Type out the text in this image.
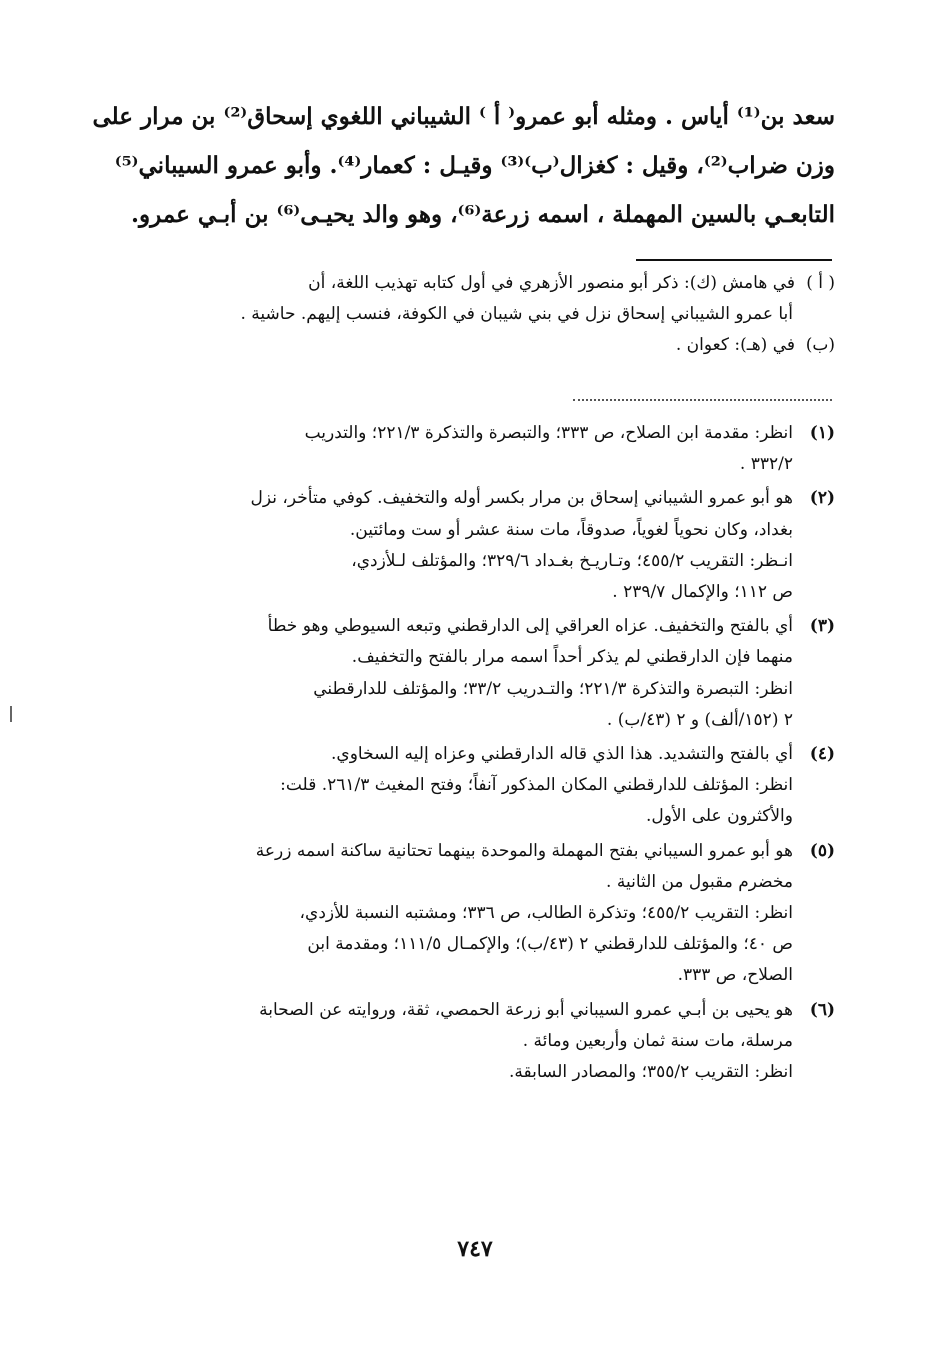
سعد بن⁽¹⁾ أياس . ومثله أبو عمرو⁽ أ ⁾ الشيباني اللغوي إسحاق⁽²⁾ بن مرار على
وزن ضراب⁽²⁾، وقيل : كغزال⁽ب⁾⁽³⁾ وقيـل : كعمار⁽⁴⁾. وأبو عمرو السيباني⁽⁵⁾
التابعـي بالسين المهملة ، اسمه زرعة⁽⁶⁾، وهو والد يحيـى⁽⁶⁾ بن أبـي عمرو.
( أ )في هامش (ك): ذكر أبو منصور الأزهري في أول كتابه تهذيب اللغة، أن
أبا عمرو الشيباني إسحاق نزل في بني شيبان في الكوفة، فنسب إليهم. حاشية .
(ب)في (هـ): كعوان .
(١)انظر: مقدمة ابن الصلاح، ص ٣٣٣؛ والتبصرة والتذكرة ٢٢١/٣؛ والتدريب
٣٣٢/٢ .
(٢)هو أبو عمرو الشيباني إسحاق بن مرار بكسر أوله والتخفيف. كوفي متأخر، نزل
بغداد، وكان نحوياً لغوياً، صدوقاً، مات سنة عشر أو ست ومائتين.
انـظر: التقريب ٤٥٥/٢؛ وتـاريـخ بغـداد ٣٢٩/٦؛ والمؤتلف لـلأزدي،
ص ١١٢؛ والإكمال ٢٣٩/٧ .
(٣)أي بالفتح والتخفيف. عزاه العراقي إلى الدارقطني وتبعه السيوطي وهو خطأ
منهما فإن الدارقطني لم يذكر أحداً اسمه مرار بالفتح والتخفيف.
انظر: التبصرة والتذكرة ٢٢١/٣؛ والتـدريب ٣٣/٢؛ والمؤتلف للدارقطني
٢ (١٥٢/ألف) و ٢ (٤٣/ب) .
(٤)أي بالفتح والتشديد. هذا الذي قاله الدارقطني وعزاه إليه السخاوي.
انظر: المؤتلف للدارقطني المكان المذكور آنفاً؛ وفتح المغيث ٢٦١/٣. قلت:
والأكثرون على الأول.
(٥)هو أبو عمرو السيباني بفتح المهملة والموحدة بينهما تحتانية ساكنة اسمه زرعة
مخضرم مقبول من الثانية .
انظر: التقريب ٤٥٥/٢؛ وتذكرة الطالب، ص ٣٣٦؛ ومشتبه النسبة للأزدي،
ص ٤٠؛ والمؤتلف للدارقطني ٢ (٤٣/ب)؛ والإكمـال ١١١/٥؛ ومقدمة ابن
الصلاح، ص ٣٣٣.
(٦)هو يحيى بن أبـي عمرو السيباني أبو زرعة الحمصي، ثقة، وروايته عن الصحابة
مرسلة، مات سنة ثمان وأربعين ومائة .
انظر: التقريب ٣٥٥/٢؛ والمصادر السابقة.
٧٤٧
